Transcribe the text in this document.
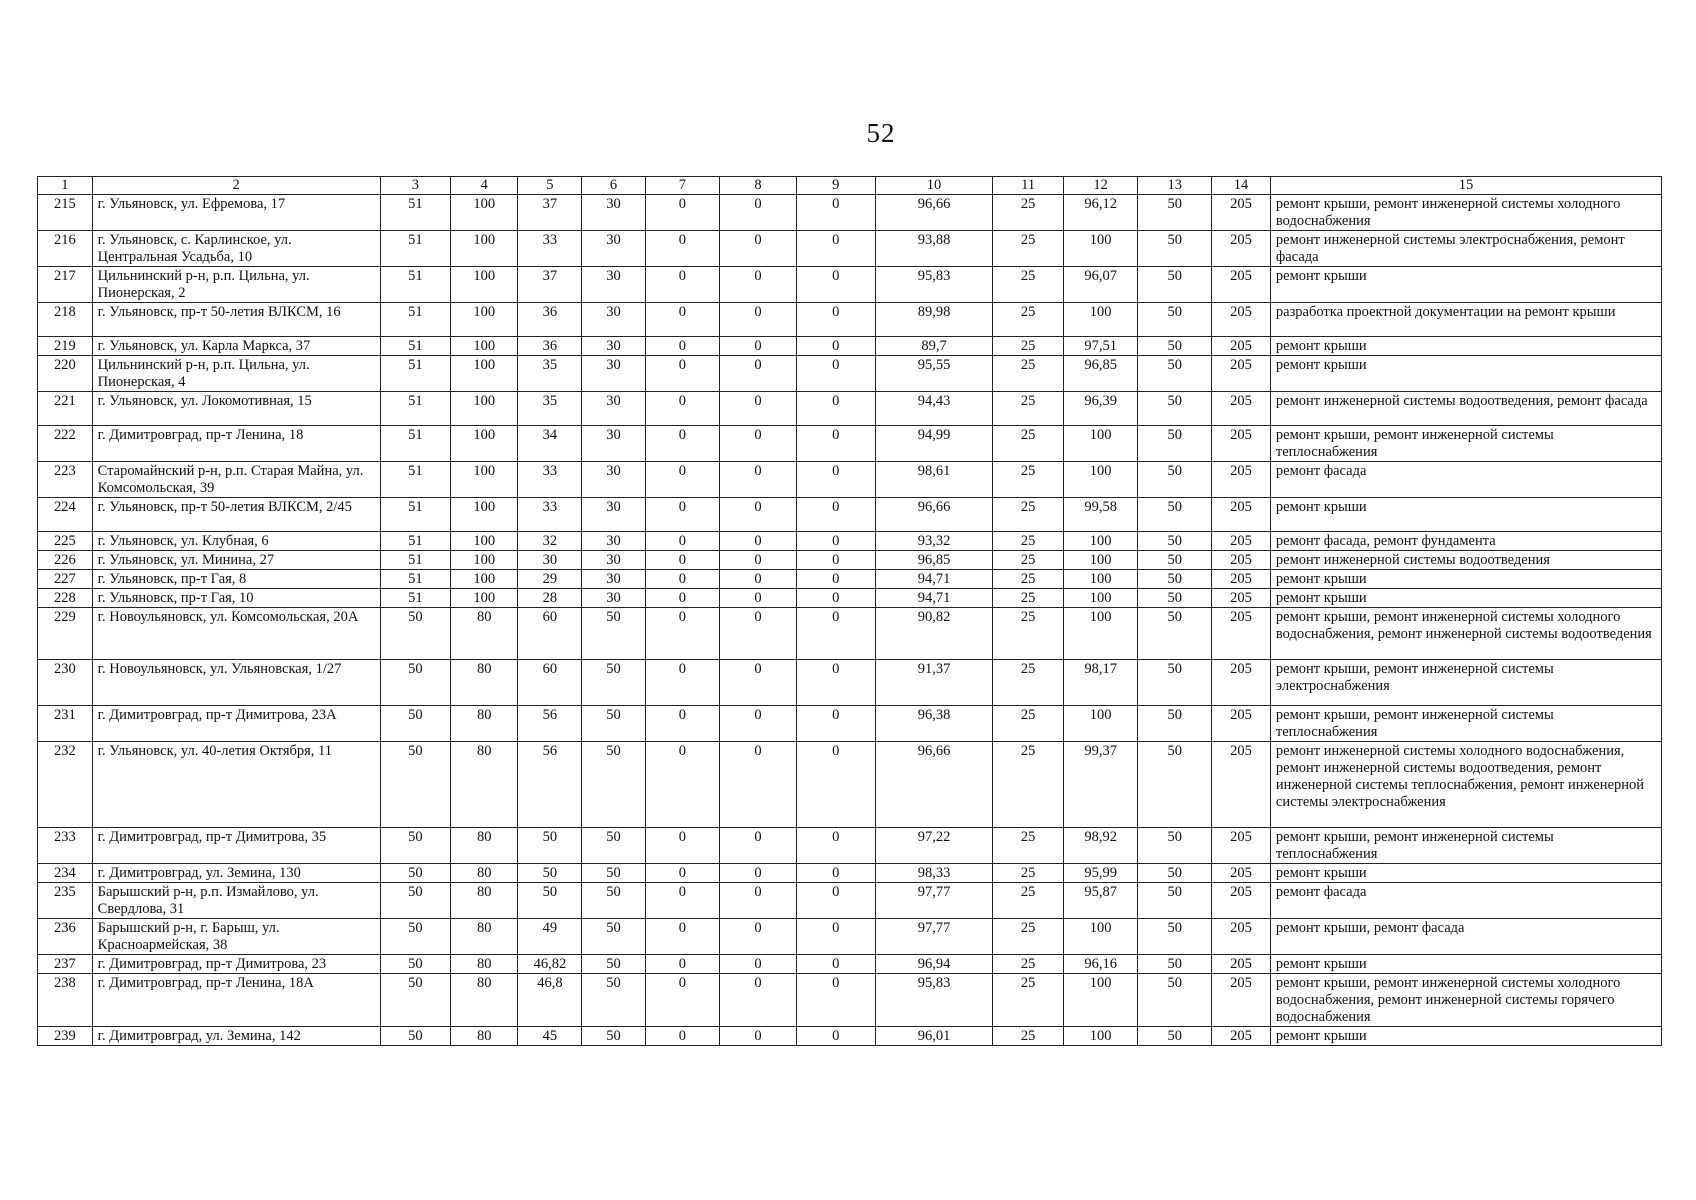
52
1	2	3	4	5	6	7	8	9	10	11	12	13	14	15
215	г. Ульяновск, ул. Ефремова, 17	51	100	37	30	0	0	0	96,66	25	96,12	50	205	ремонт крыши, ремонт инженерной системы холодного водоснабжения
216	г. Ульяновск, с. Карлинское, ул. Центральная Усадьба, 10	51	100	33	30	0	0	0	93,88	25	100	50	205	ремонт инженерной системы электроснабжения, ремонт фасада
217	Цильнинский р-н, р.п. Цильна, ул. Пионерская, 2	51	100	37	30	0	0	0	95,83	25	96,07	50	205	ремонт крыши
218	г. Ульяновск, пр-т 50-летия ВЛКСМ, 16	51	100	36	30	0	0	0	89,98	25	100	50	205	разработка проектной документации на ремонт крыши
219	г. Ульяновск, ул. Карла Маркса, 37	51	100	36	30	0	0	0	89,7	25	97,51	50	205	ремонт крыши
220	Цильнинский р-н, р.п. Цильна, ул. Пионерская, 4	51	100	35	30	0	0	0	95,55	25	96,85	50	205	ремонт крыши
221	г. Ульяновск, ул. Локомотивная, 15	51	100	35	30	0	0	0	94,43	25	96,39	50	205	ремонт инженерной системы водоотведения, ремонт фасада
222	г. Димитровград, пр-т Ленина, 18	51	100	34	30	0	0	0	94,99	25	100	50	205	ремонт крыши, ремонт инженерной системы теплоснабжения
223	Старомайнский р-н, р.п. Старая Майна, ул. Комсомольская, 39	51	100	33	30	0	0	0	98,61	25	100	50	205	ремонт фасада
224	г. Ульяновск, пр-т 50-летия ВЛКСМ, 2/45	51	100	33	30	0	0	0	96,66	25	99,58	50	205	ремонт крыши
225	г. Ульяновск, ул. Клубная, 6	51	100	32	30	0	0	0	93,32	25	100	50	205	ремонт фасада, ремонт фундамента
226	г. Ульяновск, ул. Минина, 27	51	100	30	30	0	0	0	96,85	25	100	50	205	ремонт инженерной системы водоотведения
227	г. Ульяновск, пр-т Гая, 8	51	100	29	30	0	0	0	94,71	25	100	50	205	ремонт крыши
228	г. Ульяновск, пр-т Гая, 10	51	100	28	30	0	0	0	94,71	25	100	50	205	ремонт крыши
229	г. Новоульяновск, ул. Комсомольская, 20А	50	80	60	50	0	0	0	90,82	25	100	50	205	ремонт крыши, ремонт инженерной системы холодного водоснабжения, ремонт инженерной системы водоотведения
230	г. Новоульяновск, ул. Ульяновская, 1/27	50	80	60	50	0	0	0	91,37	25	98,17	50	205	ремонт крыши, ремонт инженерной системы электроснабжения
231	г. Димитровград, пр-т Димитрова, 23А	50	80	56	50	0	0	0	96,38	25	100	50	205	ремонт крыши, ремонт инженерной системы теплоснабжения
232	г. Ульяновск, ул. 40-летия Октября, 11	50	80	56	50	0	0	0	96,66	25	99,37	50	205	ремонт инженерной системы холодного водоснабжения, ремонт инженерной системы водоотведения, ремонт инженерной системы теплоснабжения, ремонт инженерной системы электроснабжения
233	г. Димитровград, пр-т Димитрова, 35	50	80	50	50	0	0	0	97,22	25	98,92	50	205	ремонт крыши, ремонт инженерной системы теплоснабжения
234	г. Димитровград, ул. Земина, 130	50	80	50	50	0	0	0	98,33	25	95,99	50	205	ремонт крыши
235	Барышский р-н, р.п. Измайлово, ул. Свердлова, 31	50	80	50	50	0	0	0	97,77	25	95,87	50	205	ремонт фасада
236	Барышский р-н, г. Барыш, ул. Красноармейская, 38	50	80	49	50	0	0	0	97,77	25	100	50	205	ремонт крыши, ремонт фасада
237	г. Димитровград, пр-т Димитрова, 23	50	80	46,82	50	0	0	0	96,94	25	96,16	50	205	ремонт крыши
238	г. Димитровград, пр-т Ленина, 18А	50	80	46,8	50	0	0	0	95,83	25	100	50	205	ремонт крыши, ремонт инженерной системы холодного водоснабжения, ремонт инженерной системы горячего водоснабжения
239	г. Димитровград, ул. Земина, 142	50	80	45	50	0	0	0	96,01	25	100	50	205	ремонт крыши
